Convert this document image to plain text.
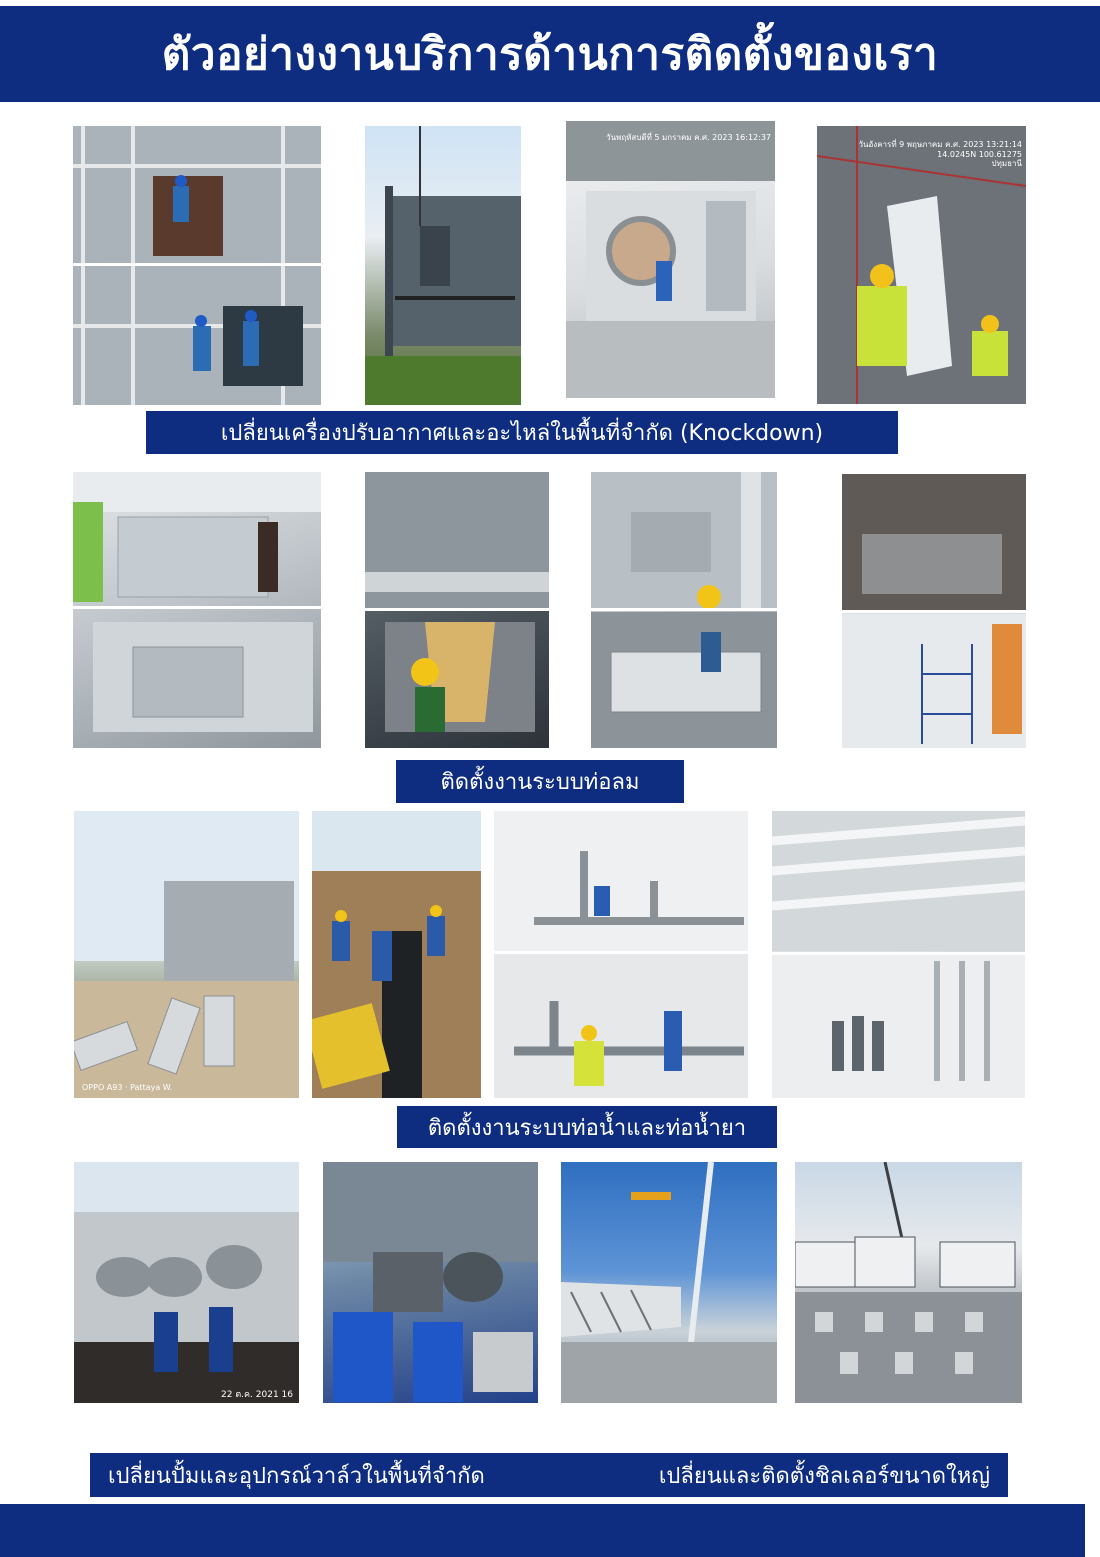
ตัวอย่างงานบริการด้านการติดตั้งของเรา
วันพฤหัสบดีที่ 5 มกราคม ค.ศ. 2023 16:12:37
วันอังคารที่ 9 พฤษภาคม ค.ศ. 2023 13:21:14
14.0245N 100.61275
ปทุมธานี
เปลี่ยนเครื่องปรับอากาศและอะไหล่ในพื้นที่จำกัด (Knockdown)
ติดตั้งงานระบบท่อลม
OPPO A93 · Pattaya W.
ติดตั้งงานระบบท่อน้ำและท่อน้ำยา
22 ต.ค. 2021 16
เปลี่ยนปั้มและอุปกรณ์วาล์วในพื้นที่จำกัด	เปลี่ยนและติดตั้งชิลเลอร์ขนาดใหญ่
